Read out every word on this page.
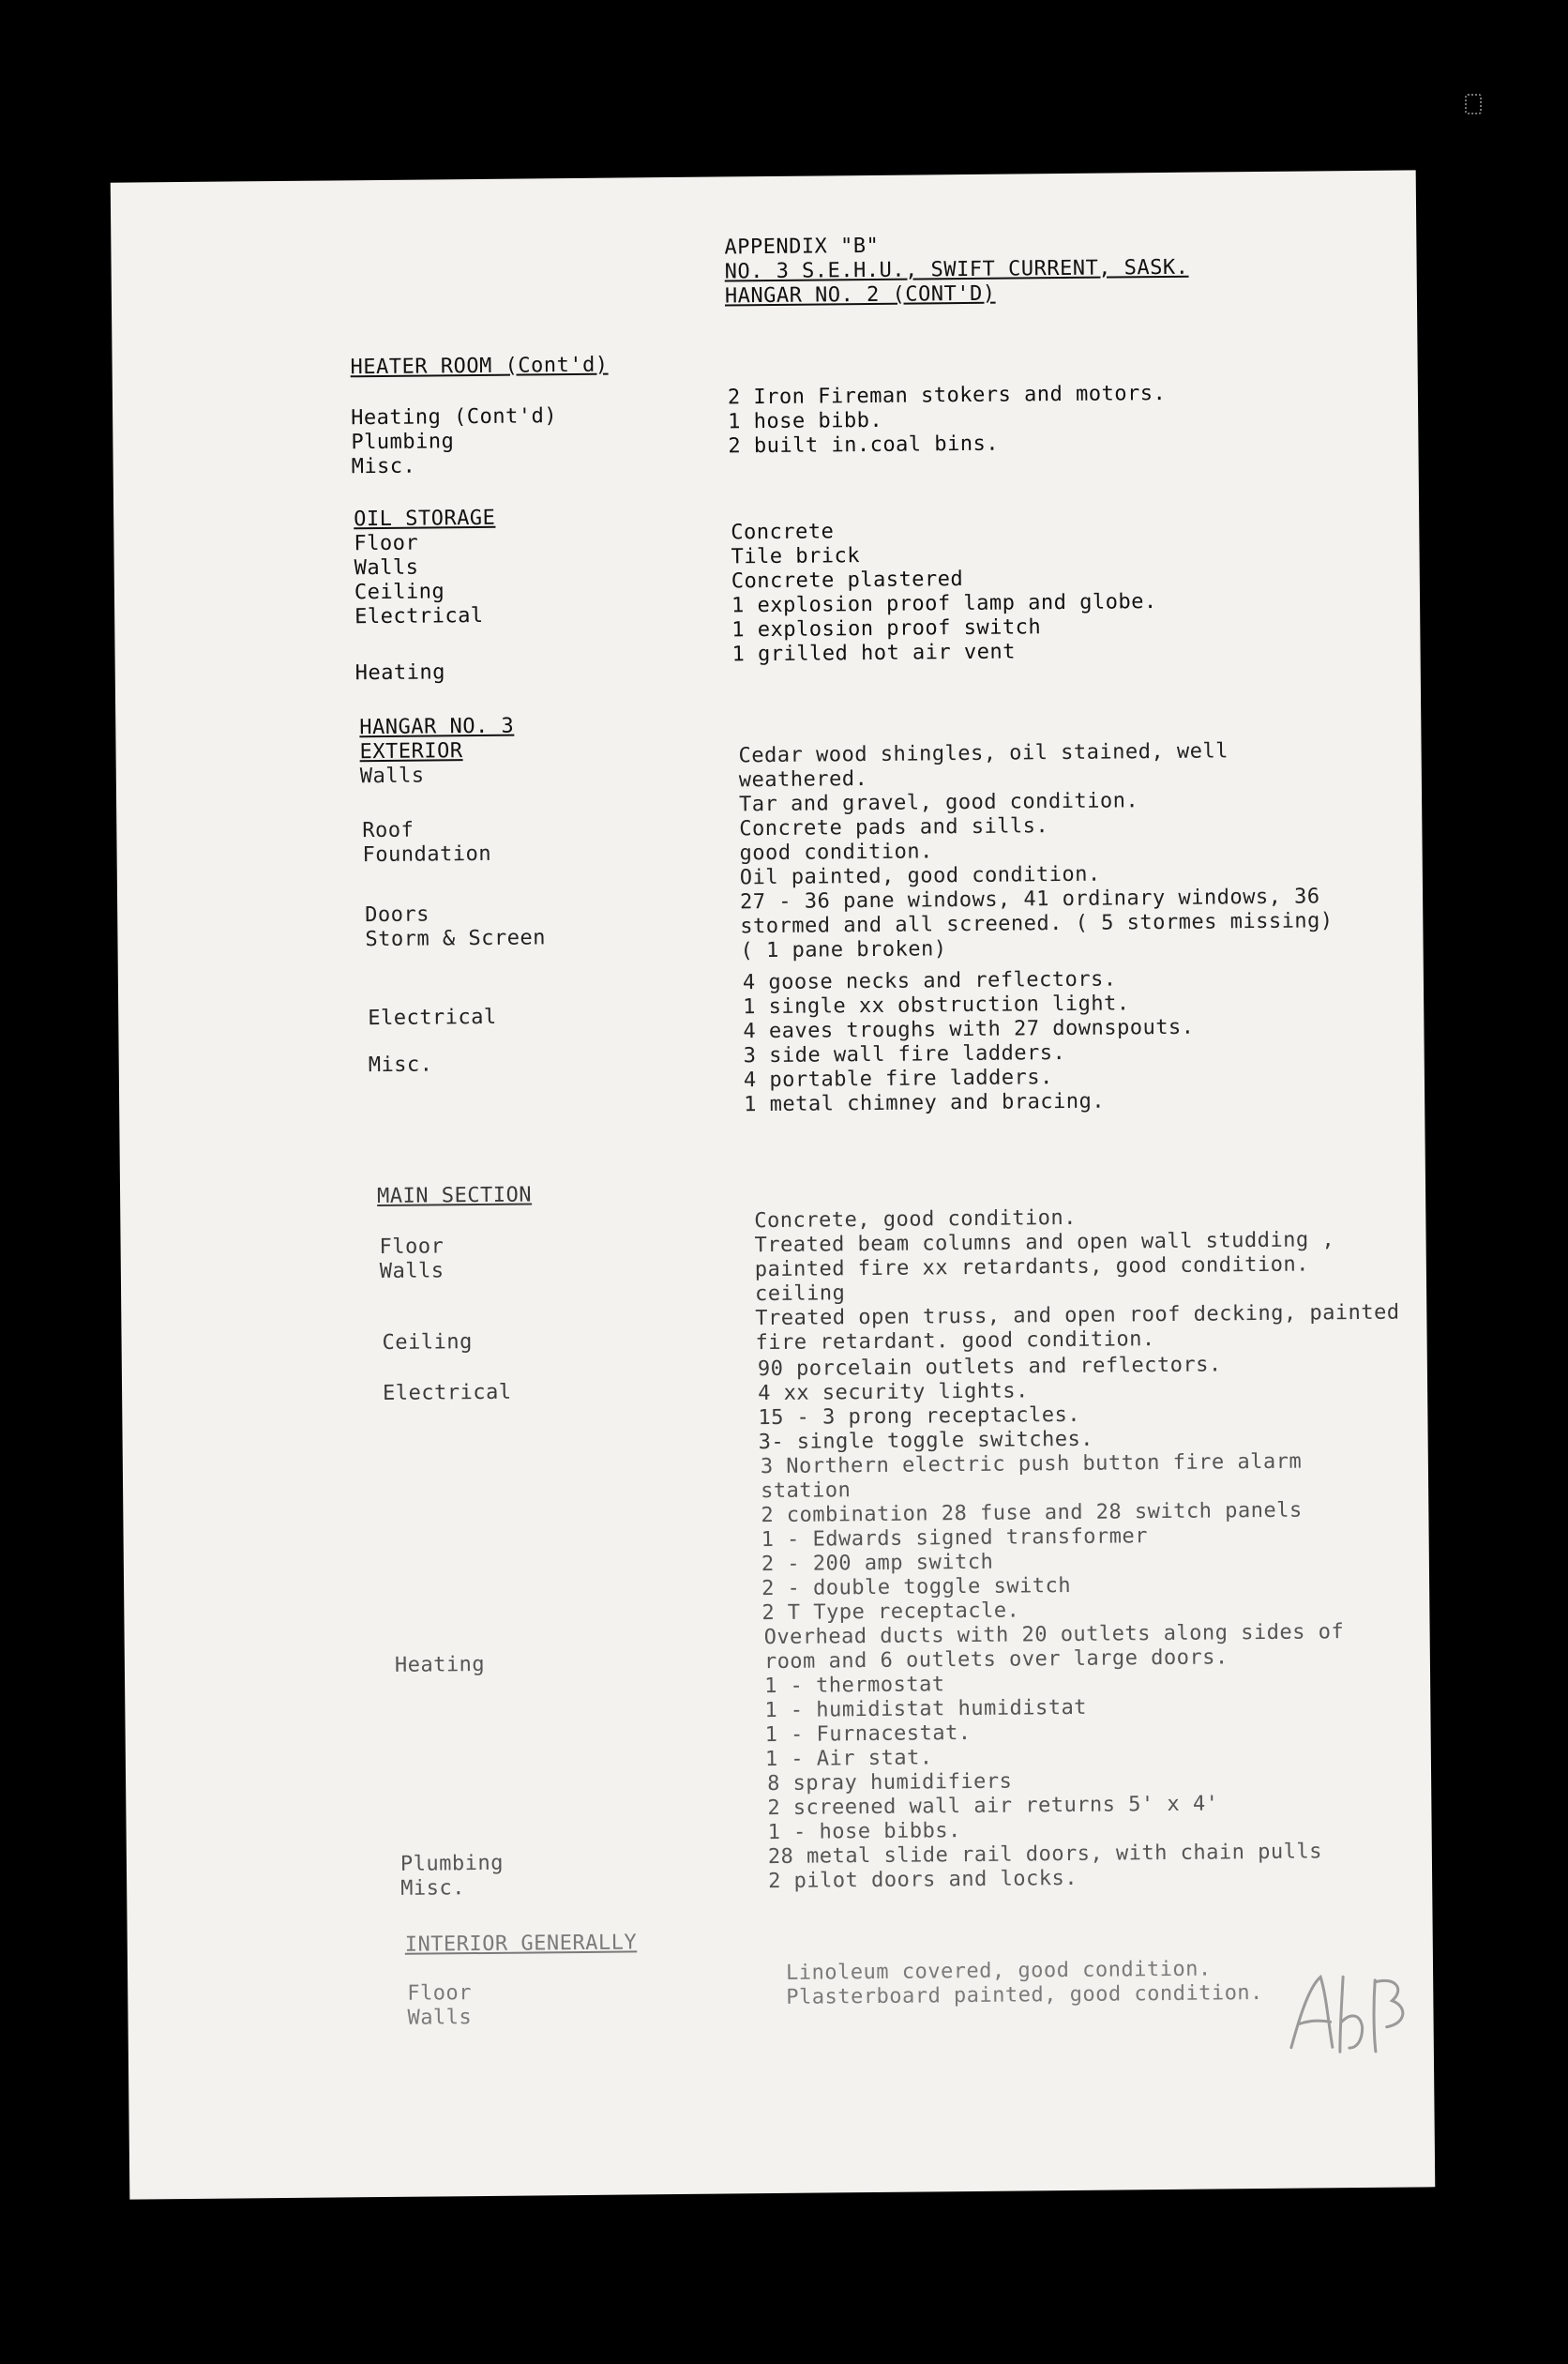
APPENDIX "B"
NO. 3 S.E.H.U., SWIFT CURRENT, SASK.
HANGAR NO. 2 (CONT'D)
HEATER ROOM (Cont'd)
Heating (Cont'd)
Plumbing
Misc.
2 Iron Fireman stokers and motors.
1 hose bibb.
2 built in.coal bins.
OIL STORAGE
Floor
Walls
Ceiling
Electrical
Heating
Concrete
Tile brick
Concrete plastered
1 explosion proof lamp and globe.
1 explosion proof switch
1 grilled hot air vent
HANGAR NO. 3
EXTERIOR
Walls
Roof
Foundation
Doors
Storm & Screen
Electrical
Misc.
Cedar wood shingles, oil stained, well
weathered.
Tar and gravel, good condition.
Concrete pads and sills.
good condition.
Oil painted, good condition.
27 - 36 pane windows, 41 ordinary windows, 36
stormed and all screened. ( 5 stormes missing)
( 1 pane broken)
4 goose necks and reflectors.
1 single xx obstruction light.
4 eaves troughs with 27 downspouts.
3 side wall fire ladders.
4 portable fire ladders.
1 metal chimney and bracing.
MAIN SECTION
Floor
Walls
Ceiling
Electrical
Heating
Plumbing
Misc.
Concrete, good condition.
Treated beam columns and open wall studding ,
painted fire xx retardants, good condition.
ceiling
Treated open truss, and open roof decking, painted
fire retardant. good condition.
90 porcelain outlets and reflectors.
4 xx security lights.
15 - 3 prong receptacles.
3- single toggle switches.
3 Northern electric push button fire alarm
station
2 combination 28 fuse and 28 switch panels
1 - Edwards signed transformer
2 - 200 amp switch
2 - double toggle switch
2 T Type receptacle.
Overhead ducts with 20 outlets along sides of
room and 6 outlets over large doors.
1 - thermostat
1 - humidistat humidistat
1 - Furnacestat.
1 - Air stat.
8 spray humidifiers
2 screened wall air returns 5' x 4'
1 - hose bibbs.
28 metal slide rail doors, with chain pulls
2 pilot doors and locks.
INTERIOR GENERALLY
Floor
Walls
Linoleum covered, good condition.
Plasterboard painted, good condition.
